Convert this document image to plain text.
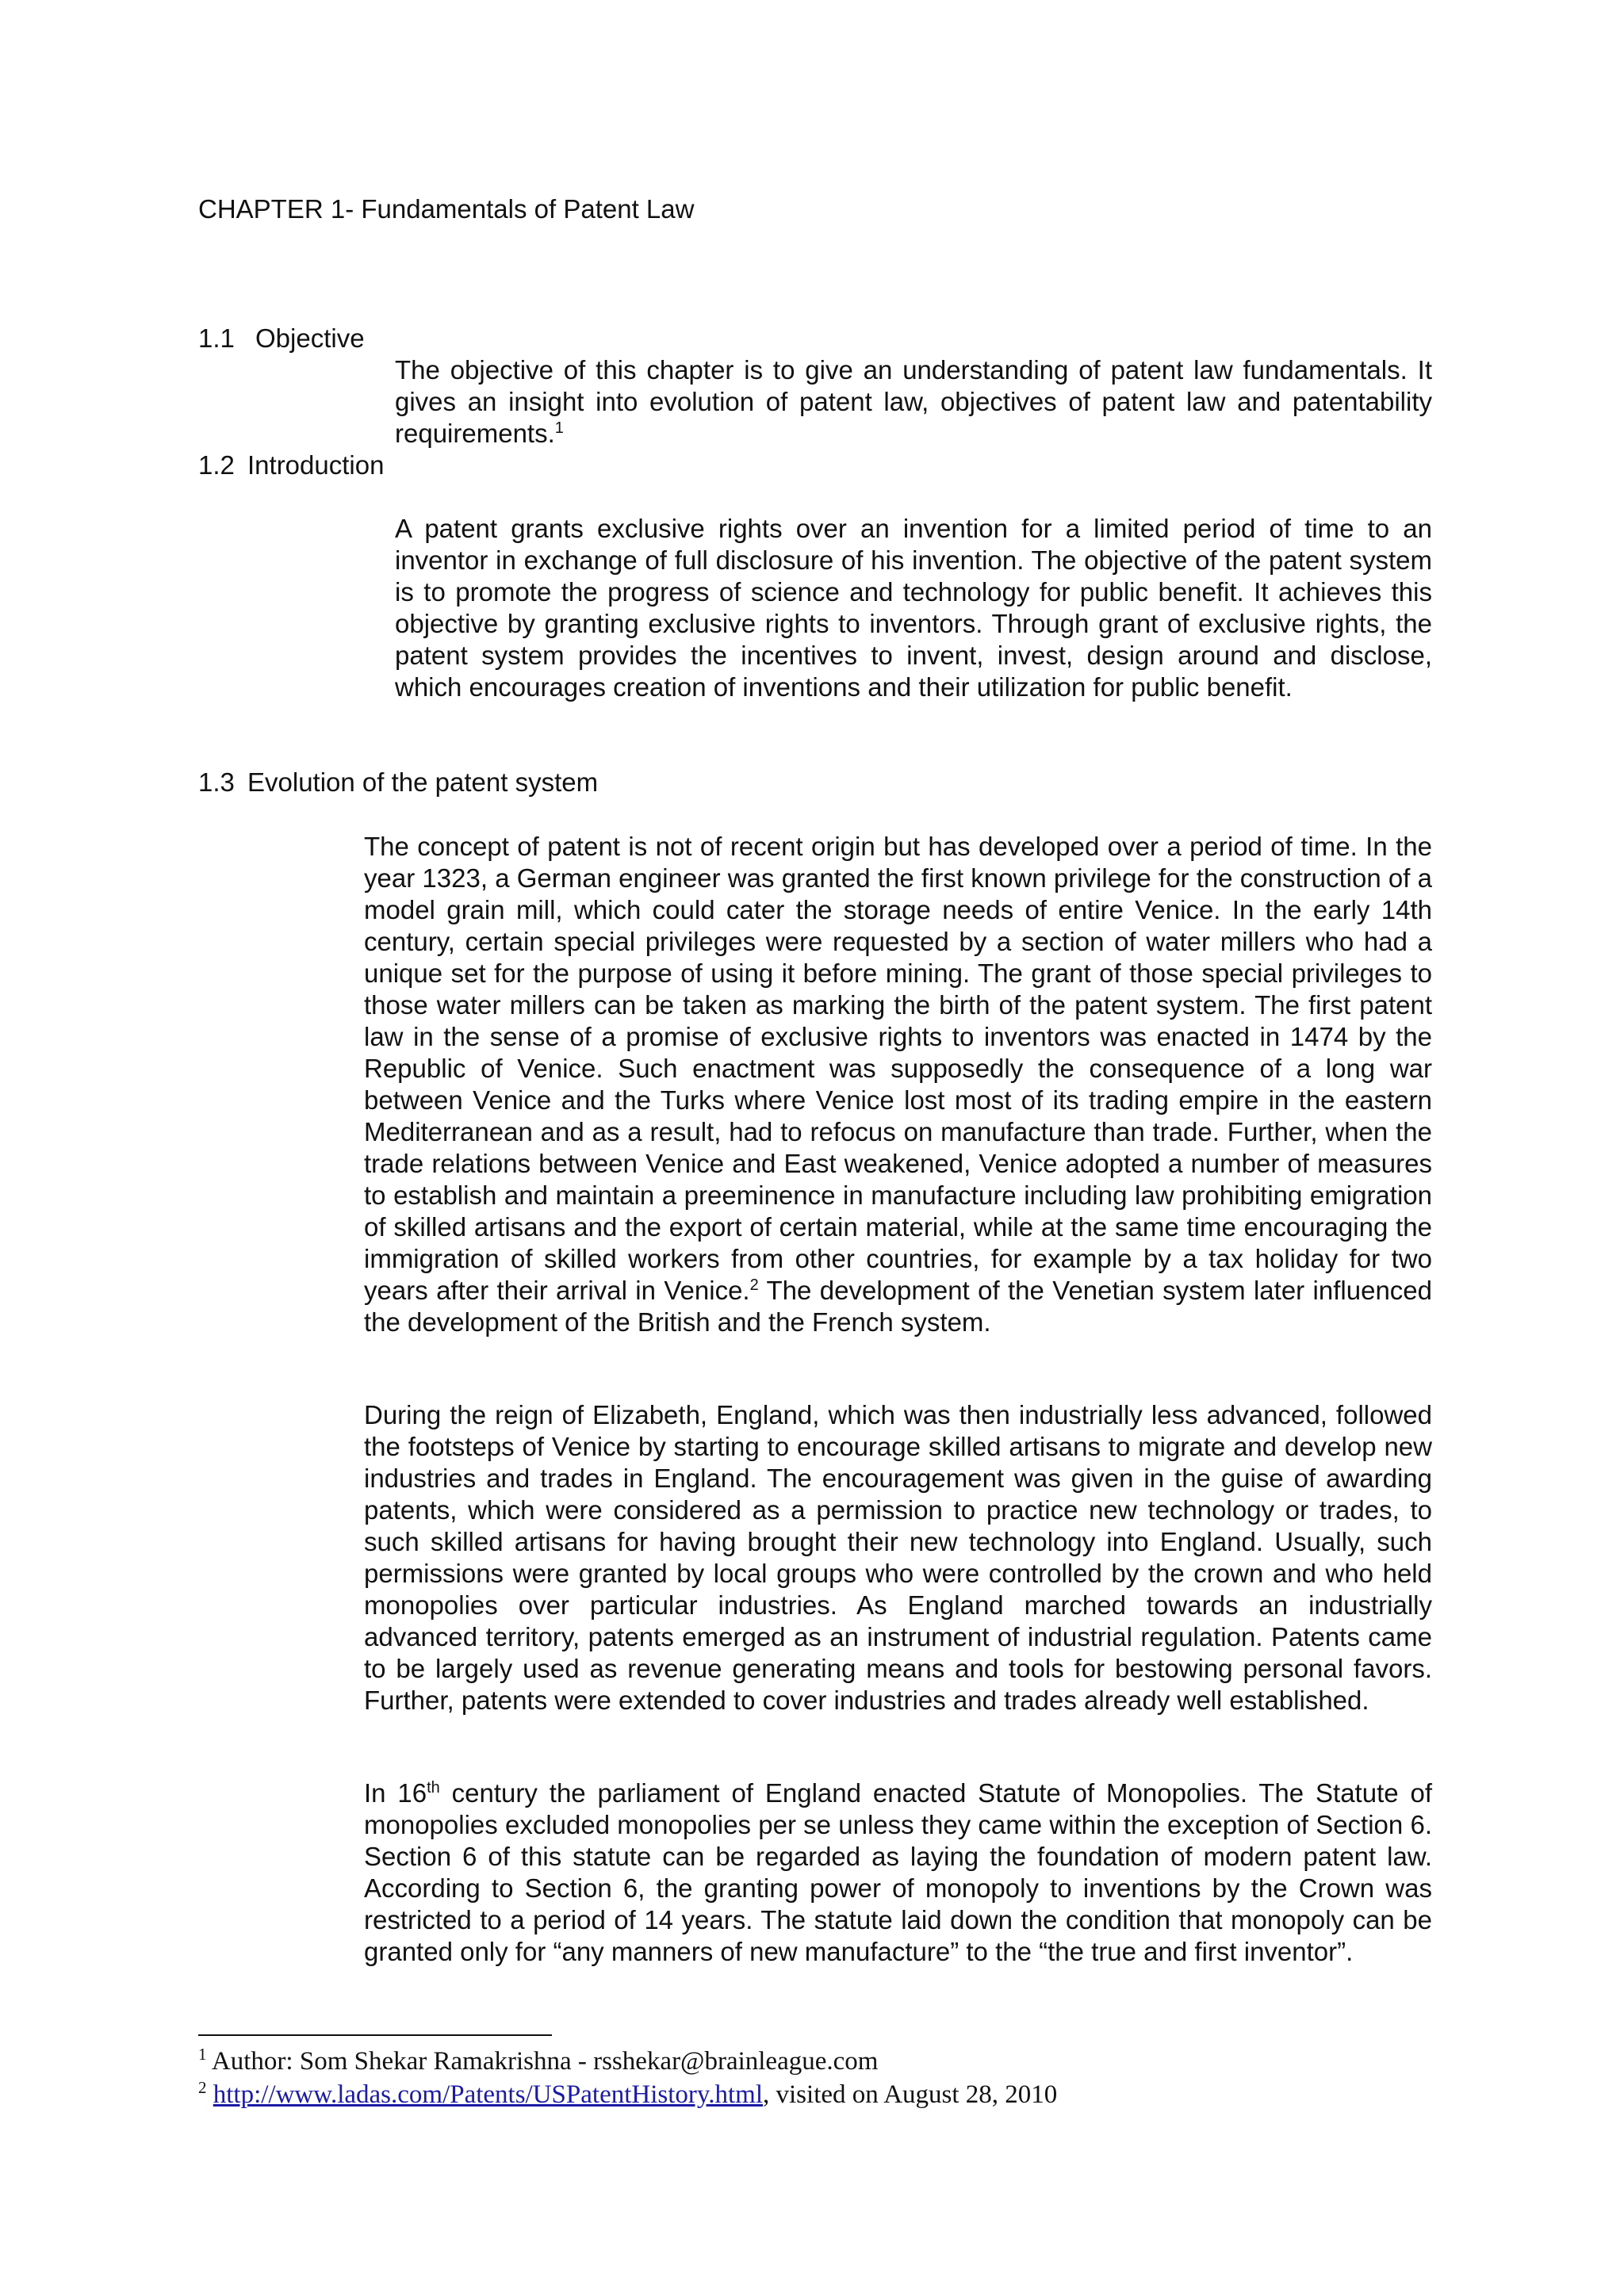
CHAPTER 1- Fundamentals of Patent Law
1.1 Objective

The objective of this chapter is to give an understanding of patent law fundamentals. It gives an insight into evolution of patent law, objectives of patent law and patentability requirements.$^1$

1.2 Introduction

A patent grants exclusive rights over an invention for a limited period of time to an inventor in exchange of full disclosure of his invention. The objective of the patent system is to promote the progress of science and technology for public benefit. It achieves this objective by granting exclusive rights to inventors. Through grant of exclusive rights, the patent system provides the incentives to invent, invest, design around and disclose, which encourages creation of inventions and their utilization for public benefit.

1.3 Evolution of the patent system

The concept of patent is not of recent origin but has developed over a period of time. In the year 1323, a German engineer was granted the first known privilege for the construction of a model grain mill, which could cater the storage needs of entire Venice. In the early 14th century, certain special privileges were requested by a section of water millers who had a unique set for the purpose of using it before mining. The grant of those special privileges to those water millers can be taken as marking the birth of the patent system. The first patent law in the sense of a promise of exclusive rights to inventors was enacted in 1474 by the Republic of Venice. Such enactment was supposedly the consequence of a long war between Venice and the Turks where Venice lost most of its trading empire in the eastern Mediterranean and as a result, had to refocus on manufacture than trade. Further, when the trade relations between Venice and East weakened, Venice adopted a number of measures to establish and maintain a preeminence in manufacture including law prohibiting emigration of skilled artisans and the export of certain material, while at the same time encouraging the immigration of skilled workers from other countries, for example by a tax holiday for two years after their arrival in Venice.$^2$ The development of the Venetian system later influenced the development of the British and the French system.

During the reign of Elizabeth, England, which was then industrially less advanced, followed the footsteps of Venice by starting to encourage skilled artisans to migrate and develop new industries and trades in England. The encouragement was given in the guise of awarding patents, which were considered as a permission to practice new technology or trades, to such skilled artisans for having brought their new technology into England. Usually, such permissions were granted by local groups who were controlled by the crown and who held monopolies over particular industries. As England marched towards an industrially advanced territory, patents emerged as an instrument of industrial regulation. Patents came to be largely used as revenue generating means and tools for bestowing personal favors. Further, patents were extended to cover industries and trades already well established.

In 16th century the parliament of England enacted Statute of Monopolies. The Statute of monopolies excluded monopolies per se unless they came within the exception of Section 6. Section 6 of this statute can be regarded as laying the foundation of modern patent law. According to Section 6, the granting power of monopoly to inventions by the Crown was restricted to a period of 14 years. The statute laid down the condition that monopoly can be granted only for “any manners of new manufacture” to the “the true and first inventor”.

$^1$ Author: Som Shekar Ramakrishna - rsshekar@brainleague.com
$^2$ http://www.ladas.com/Patents/USPatentHistory.html, visited on August 28, 2010
